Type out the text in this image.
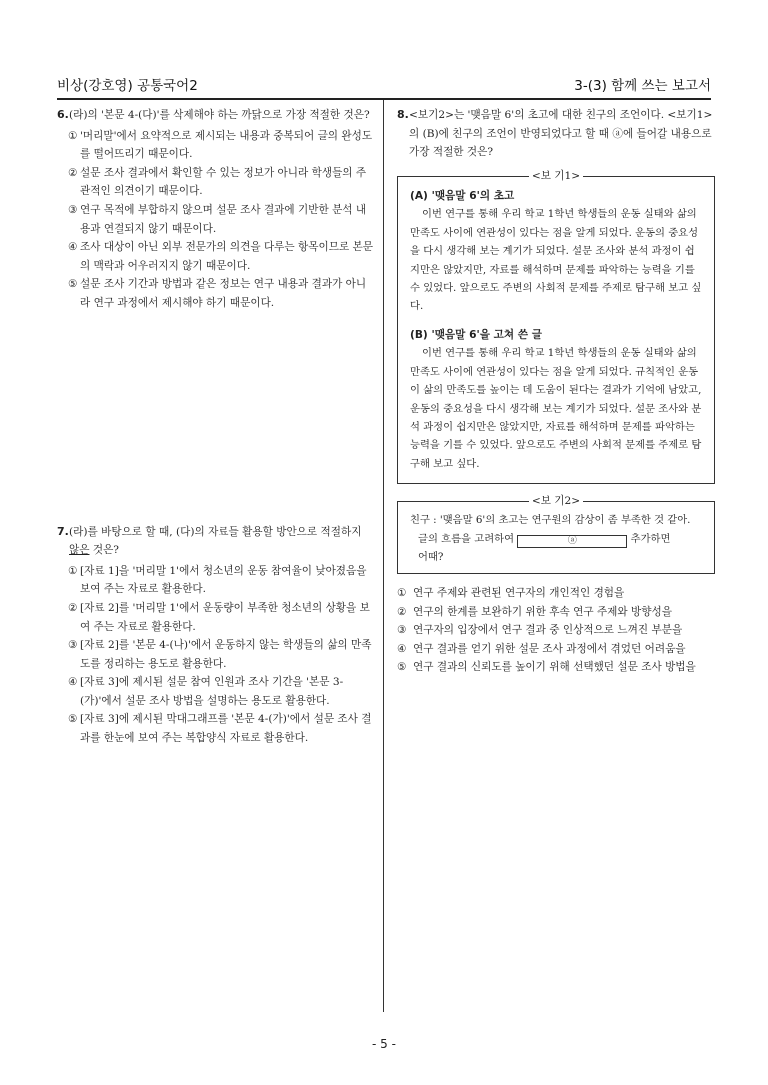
비상(강호영) 공통국어2	3-(3) 함께 쓰는 보고서
6. (라)의 '본문 4-(다)'를 삭제해야 하는 까닭으로 가장 적절한 것은?
① '머리말'에서 요약적으로 제시되는 내용과 중복되어 글의 완성도를 떨어뜨리기 때문이다.
② 설문 조사 결과에서 확인할 수 있는 정보가 아니라 학생들의 주관적인 의견이기 때문이다.
③ 연구 목적에 부합하지 않으며 설문 조사 결과에 기반한 분석 내용과 연결되지 않기 때문이다.
④ 조사 대상이 아닌 외부 전문가의 의견을 다루는 항목이므로 본문의 맥락과 어우러지지 않기 때문이다.
⑤ 설문 조사 기간과 방법과 같은 정보는 연구 내용과 결과가 아니라 연구 과정에서 제시해야 하기 때문이다.
7. (라)를 바탕으로 할 때, (다)의 자료들 활용할 방안으로 적절하지 않은 것은?
① [자료 1]을 '머리말 1'에서 청소년의 운동 참여율이 낮아졌음을 보여 주는 자료로 활용한다.
② [자료 2]를 '머리말 1'에서 운동량이 부족한 청소년의 상황을 보여 주는 자료로 활용한다.
③ [자료 2]를 '본문 4-(나)'에서 운동하지 않는 학생들의 삶의 만족도를 정리하는 용도로 활용한다.
④ [자료 3]에 제시된 설문 참여 인원과 조사 기간을 '본문 3-(가)'에서 설문 조사 방법을 설명하는 용도로 활용한다.
⑤ [자료 3]에 제시된 막대그래프를 '본문 4-(가)'에서 설문 조사 결과를 한눈에 보여 주는 복합양식 자료로 활용한다.
8. <보기2>는 '맺음말 6'의 초고에 대한 친구의 조언이다. <보기1>의 (B)에 친구의 조언이 반영되었다고 할 때 ⓐ에 들어갈 내용으로 가장 적절한 것은?
<보 기1>
(A) '맺음말 6'의 초고
이번 연구를 통해 우리 학교 1학년 학생들의 운동 실태와 삶의 만족도 사이에 연관성이 있다는 점을 알게 되었다. 운동의 중요성을 다시 생각해 보는 계기가 되었다. 설문 조사와 분석 과정이 쉽지만은 않았지만, 자료를 해석하며 문제를 파악하는 능력을 기를 수 있었다. 앞으로도 주변의 사회적 문제를 주제로 탐구해 보고 싶다.
(B) '맺음말 6'을 고쳐 쓴 글
이번 연구를 통해 우리 학교 1학년 학생들의 운동 실태와 삶의 만족도 사이에 연관성이 있다는 점을 알게 되었다. 규칙적인 운동이 삶의 만족도를 높이는 데 도움이 된다는 결과가 기억에 남았고, 운동의 중요성을 다시 생각해 보는 계기가 되었다. 설문 조사와 분석 과정이 쉽지만은 않았지만, 자료를 해석하며 문제를 파악하는 능력을 기를 수 있었다. 앞으로도 주변의 사회적 문제를 주제로 탐구해 보고 싶다.
<보 기2>
친구 : '맺음말 6'의 초고는 연구원의 감상이 좀 부족한 것 같아.
글의 흐름을 고려하여	ⓐ	추가하면
어때?
① 연구 주제와 관련된 연구자의 개인적인 경험을
② 연구의 한계를 보완하기 위한 후속 연구 주제와 방향성을
③ 연구자의 입장에서 연구 결과 중 인상적으로 느껴진 부분을
④ 연구 결과를 얻기 위한 설문 조사 과정에서 겪었던 어려움을
⑤ 연구 결과의 신뢰도를 높이기 위해 선택했던 설문 조사 방법을
- 5 -
